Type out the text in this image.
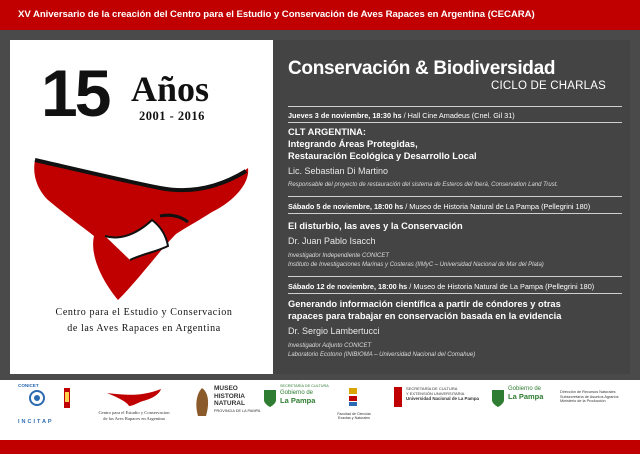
XV Aniversario de la creación del Centro para el Estudio y Conservación de Aves Rapaces en Argentina (CECARA)
15 Años
2001 - 2016
Centro para el Estudio y Conservacion
de las Aves Rapaces en Argentina
Conservación & Biodiversidad
CICLO DE CHARLAS
Jueves 3 de noviembre, 18:30 hs / Hall Cine Amadeus (Cnel. Gil 31)
CLT ARGENTINA:
Integrando Áreas Protegidas,
Restauración Ecológica y Desarrollo Local
Lic. Sebastian Di Martino
Responsable del proyecto de restauración del sistema de Esteros del Iberá, Conservation Land Trust.
Sábado 5 de noviembre, 18:00 hs / Museo de Historia Natural de La Pampa (Pellegrini 180)
El disturbio, las aves y la Conservación
Dr. Juan Pablo Isacch
Investigador Independiente CONICET
Instituto de Investigaciones Marinas y Costeras (IIMyC – Universidad Nacional de Mar del Plata)
Sábado 12 de noviembre, 18:00 hs / Museo de Historia Natural de La Pampa (Pellegrini 180)
Generando información científica a partir de cóndores y otras
rapaces para trabajar en conservación basada en la evidencia
Dr. Sergio Lambertucci
Investigador Adjunto CONICET
Laboratorio Ecotono (INIBIOMA – Universidad Nacional del Comahue)
CONICET
INCITAP
Centro para el Estudio y Conservacion
de las Aves Rapaces en Argentina
MUSEO
HISTORIA
NATURAL
PROVINCIA DE LA PAMPA
SECRETARÍA DE CULTURA
Gobierno de
La Pampa
Facultad de Ciencias
Exactas y Naturales
SECRETARÍA DE CULTURA
Y EXTENSIÓN UNIVERSITARIA
Universidad Nacional de La Pampa
Gobierno de
La Pampa	Dirección de Recursos Naturales
Subsecretaría de Asuntos Agrarios
Ministerio de la Producción
